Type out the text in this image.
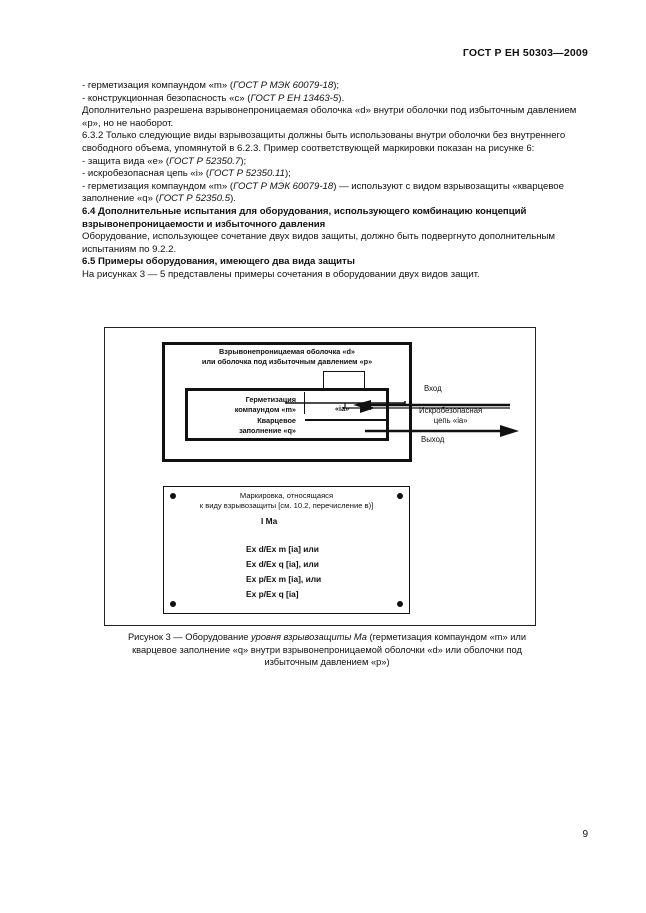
ГОСТ Р ЕН 50303—2009

- герметизация компаундом «m» (ГОСТ Р МЭК 60079-18);

- конструкционная безопасность «с» (ГОСТ Р ЕН 13463-5).

Дополнительно разрешена взрывонепроницаемая оболочка «d» внутри оболочки под избыточным давлением «р», но не наоборот.

6.3.2 Только следующие виды взрывозащиты должны быть использованы внутри оболочки без внутреннего свободного объема, упомянутой в 6.2.3. Пример соответствующей маркировки показан на рисунке 6:

- защита вида «е» (ГОСТ Р 52350.7);

- искробезопасная цепь «i» (ГОСТ Р 52350.11);

- герметизация компаундом «m» (ГОСТ Р МЭК 60079-18) — используют с видом взрывозащиты «кварцевое заполнение «q» (ГОСТ Р 52350.5).

6.4 Дополнительные испытания для оборудования, использующего комбинацию концепций взрывонепроницаемости и избыточного давления

Оборудование, использующее сочетание двух видов защиты, должно быть подвергнуто дополнительным испытаниям по 9.2.2.

6.5 Примеры оборудования, имеющего два вида защиты

На рисунках 3 — 5 представлены примеры сочетания в оборудовании двух видов защит.

Взрывонепроницаемая оболочка «d»
или оболочка под избыточным давлением «р»
Герметизация
компаундом «m»
Кварцевое
заполнение «q»
«ia»
Вход
Искробезопасная
цепь «ia»
Выход
Маркировка, относящаяся
к виду взрывозащиты [см. 10.2, перечисление в)]
I Ma
Ex d/Ex m [ia] или
Ex d/Ex q [ia], или
Ex p/Ex m [ia], или
Ex p/Ex q [ia]
Рисунок 3 — Оборудование уровня взрывозащиты Ма (герметизация компаундом «m» или кварцевое заполнение «q» внутри взрывонепроницаемой оболочки «d» или оболочки под избыточным давлением «р»)
9
